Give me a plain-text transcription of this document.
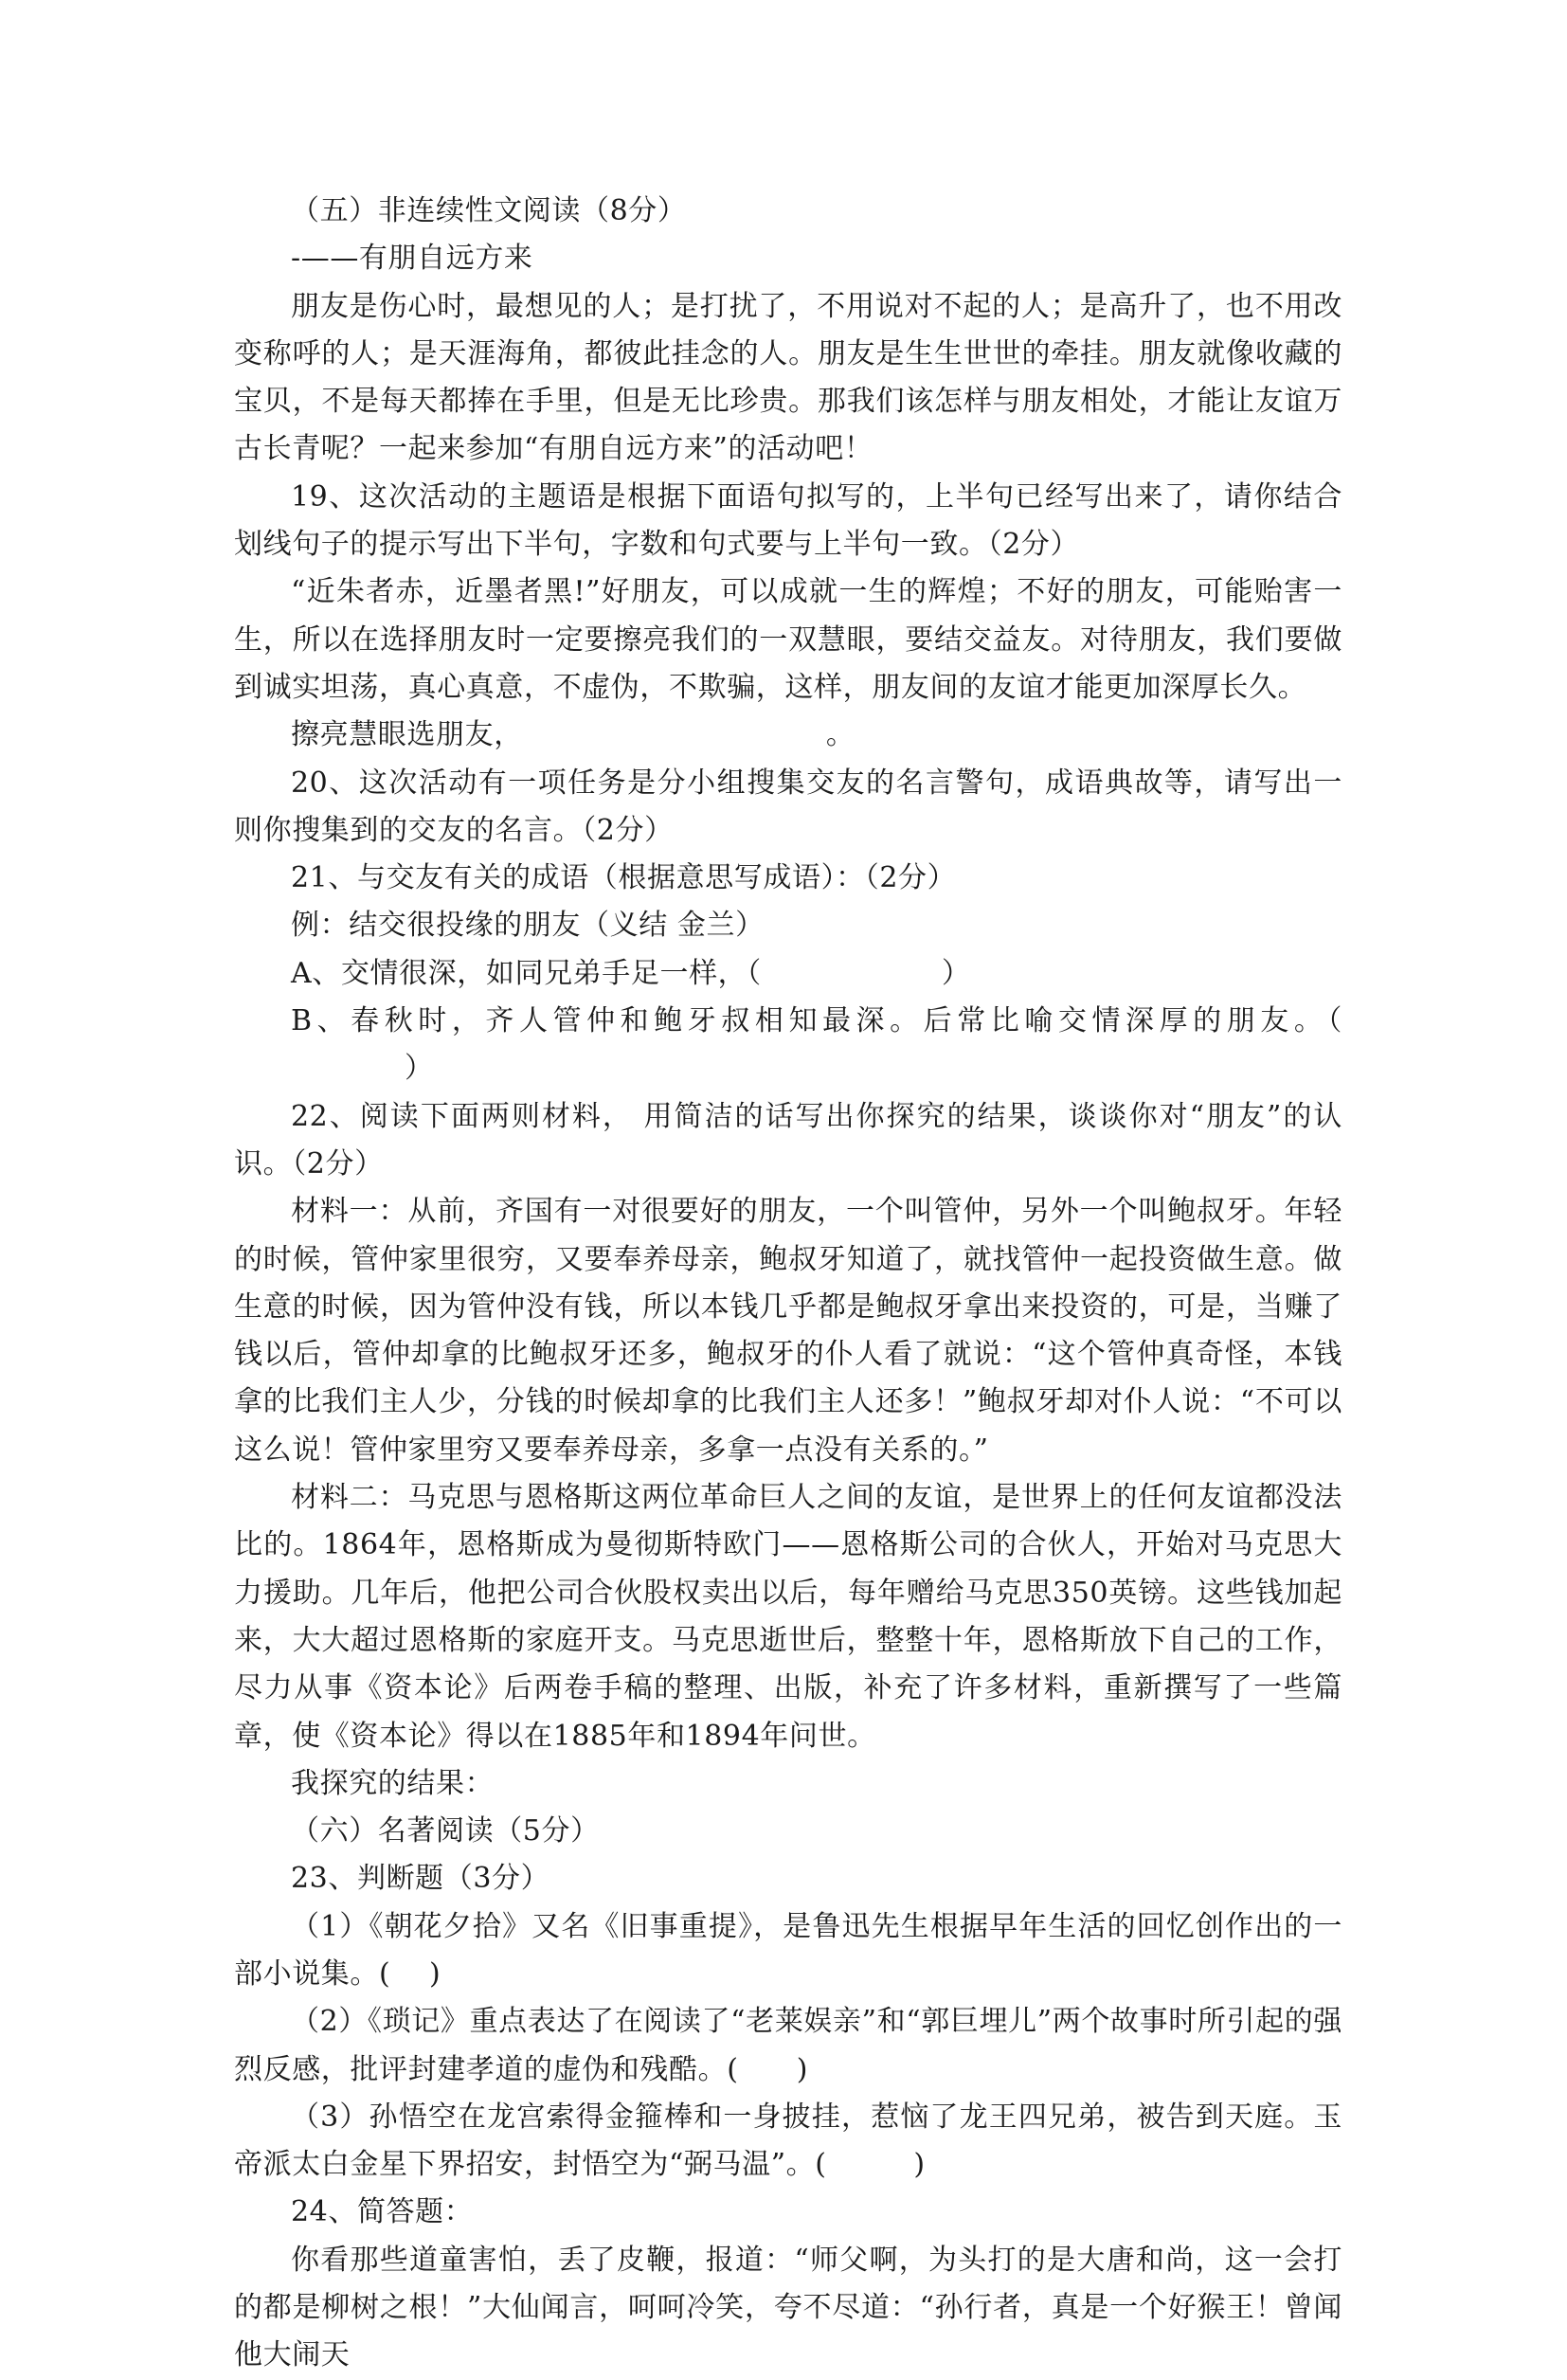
（五）非连续性文阅读（8分）

-——有朋自远方来

朋友是伤心时，最想见的人；是打扰了，不用说对不起的人；是高升了，也不用改变称呼的人；是天涯海角，都彼此挂念的人。朋友是生生世世的牵挂。朋友就像收藏的宝贝，不是每天都捧在手里，但是无比珍贵。那我们该怎样与朋友相处，才能让友谊万古长青呢？一起来参加“有朋自远方来”的活动吧！

19、这次活动的主题语是根据下面语句拟写的，上半句已经写出来了，请你结合划线句子的提示写出下半句，字数和句式要与上半句一致。（2分）

“近朱者赤，近墨者黑!”好朋友，可以成就一生的辉煌；不好的朋友，可能贻害一生，所以在选择朋友时一定要擦亮我们的一双慧眼，要结交益友。对待朋友，我们要做到诚实坦荡，真心真意，不虚伪，不欺骗，这样，朋友间的友谊才能更加深厚长久。

擦亮慧眼选朋友，	。

20、这次活动有一项任务是分小组搜集交友的名言警句，成语典故等，请写出一则你搜集到的交友的名言。（2分）

21、与交友有关的成语（根据意思写成语）：（2分）

例：结交很投缘的朋友（义结 金兰）

A、交情很深，如同兄弟手足一样，（	）

B、春秋时，齐人管仲和鲍牙叔相知最深。后常比喻交情深厚的朋友。（）

22、阅读下面两则材料， 用简洁的话写出你探究的结果，谈谈你对“朋友”的认识。（2分）

材料一：从前，齐国有一对很要好的朋友，一个叫管仲，另外一个叫鲍叔牙。年轻的时候，管仲家里很穷，又要奉养母亲，鲍叔牙知道了，就找管仲一起投资做生意。做生意的时候，因为管仲没有钱，所以本钱几乎都是鲍叔牙拿出来投资的，可是，当赚了钱以后，管仲却拿的比鲍叔牙还多，鲍叔牙的仆人看了就说：“这个管仲真奇怪，本钱拿的比我们主人少，分钱的时候却拿的比我们主人还多！”鲍叔牙却对仆人说：“不可以这么说！管仲家里穷又要奉养母亲，多拿一点没有关系的。”

材料二：马克思与恩格斯这两位革命巨人之间的友谊，是世界上的任何友谊都没法比的。1864年，恩格斯成为曼彻斯特欧门——恩格斯公司的合伙人，开始对马克思大力援助。几年后，他把公司合伙股权卖出以后，每年赠给马克思350英镑。这些钱加起来，大大超过恩格斯的家庭开支。马克思逝世后，整整十年，恩格斯放下自己的工作，尽力从事《资本论》后两卷手稿的整理、出版，补充了许多材料，重新撰写了一些篇章，使《资本论》得以在1885年和1894年问世。

我探究的结果：

（六）名著阅读（5分）

23、判断题（3分）

（1）《朝花夕拾》又名《旧事重提》，是鲁迅先生根据早年生活的回忆创作出的一部小说集。(　 )

（2）《琐记》重点表达了在阅读了“老莱娱亲”和“郭巨埋儿”两个故事时所引起的强烈反感，批评封建孝道的虚伪和残酷。(　　)

（3）孙悟空在龙宫索得金箍棒和一身披挂，惹恼了龙王四兄弟，被告到天庭。玉帝派太白金星下界招安，封悟空为“弼马温”。(　　　)

24、简答题：

你看那些道童害怕，丢了皮鞭，报道：“师父啊，为头打的是大唐和尚，这一会打的都是柳树之根！”大仙闻言，呵呵冷笑，夸不尽道：“孙行者，真是一个好猴王！曾闻他大闹天
